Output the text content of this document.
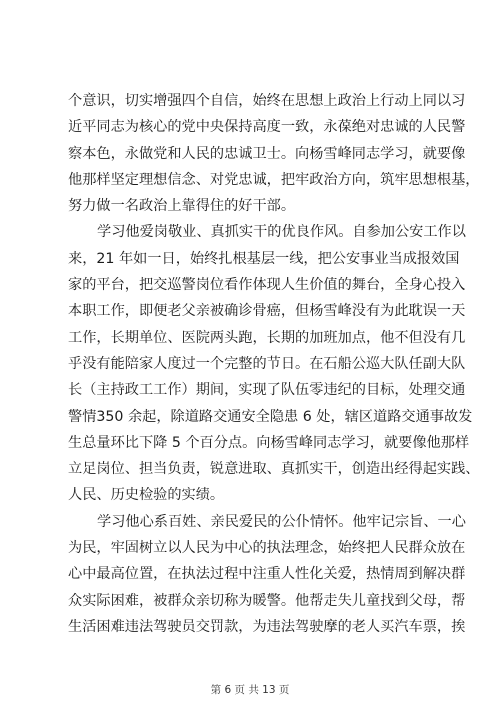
个意识，切实增强四个自信，始终在思想上政治上行动上同以习
近平同志为核心的党中央保持高度一致，永葆绝对忠诚的人民警
察本色，永做党和人民的忠诚卫士。向杨雪峰同志学习，就要像
他那样坚定理想信念、对党忠诚，把牢政治方向，筑牢思想根基，
努力做一名政治上靠得住的好干部。
学习他爱岗敬业、真抓实干的优良作风。自参加公安工作以
来，21 年如一日，始终扎根基层一线，把公安事业当成报效国
家的平台，把交巡警岗位看作体现人生价值的舞台，全身心投入
本职工作，即便老父亲被确诊骨癌，但杨雪峰没有为此耽误一天
工作，长期单位、医院两头跑，长期的加班加点，他不但没有几
乎没有能陪家人度过一个完整的节日。在石船公巡大队任副大队
长（主持政工工作）期间，实现了队伍零违纪的目标，处理交通
警情350 余起，除道路交通安全隐患 6 处，辖区道路交通事故发
生总量环比下降 5 个百分点。向杨雪峰同志学习，就要像他那样
立足岗位、担当负责，锐意进取、真抓实干，创造出经得起实践、
人民、历史检验的实绩。
学习他心系百姓、亲民爱民的公仆情怀。他牢记宗旨、一心
为民，牢固树立以人民为中心的执法理念，始终把人民群众放在
心中最高位置，在执法过程中注重人性化关爱，热情周到解决群
众实际困难，被群众亲切称为暖警。他帮走失儿童找到父母，帮
生活困难违法驾驶员交罚款，为违法驾驶摩的老人买汽车票，挨
第 6 页 共 13 页
